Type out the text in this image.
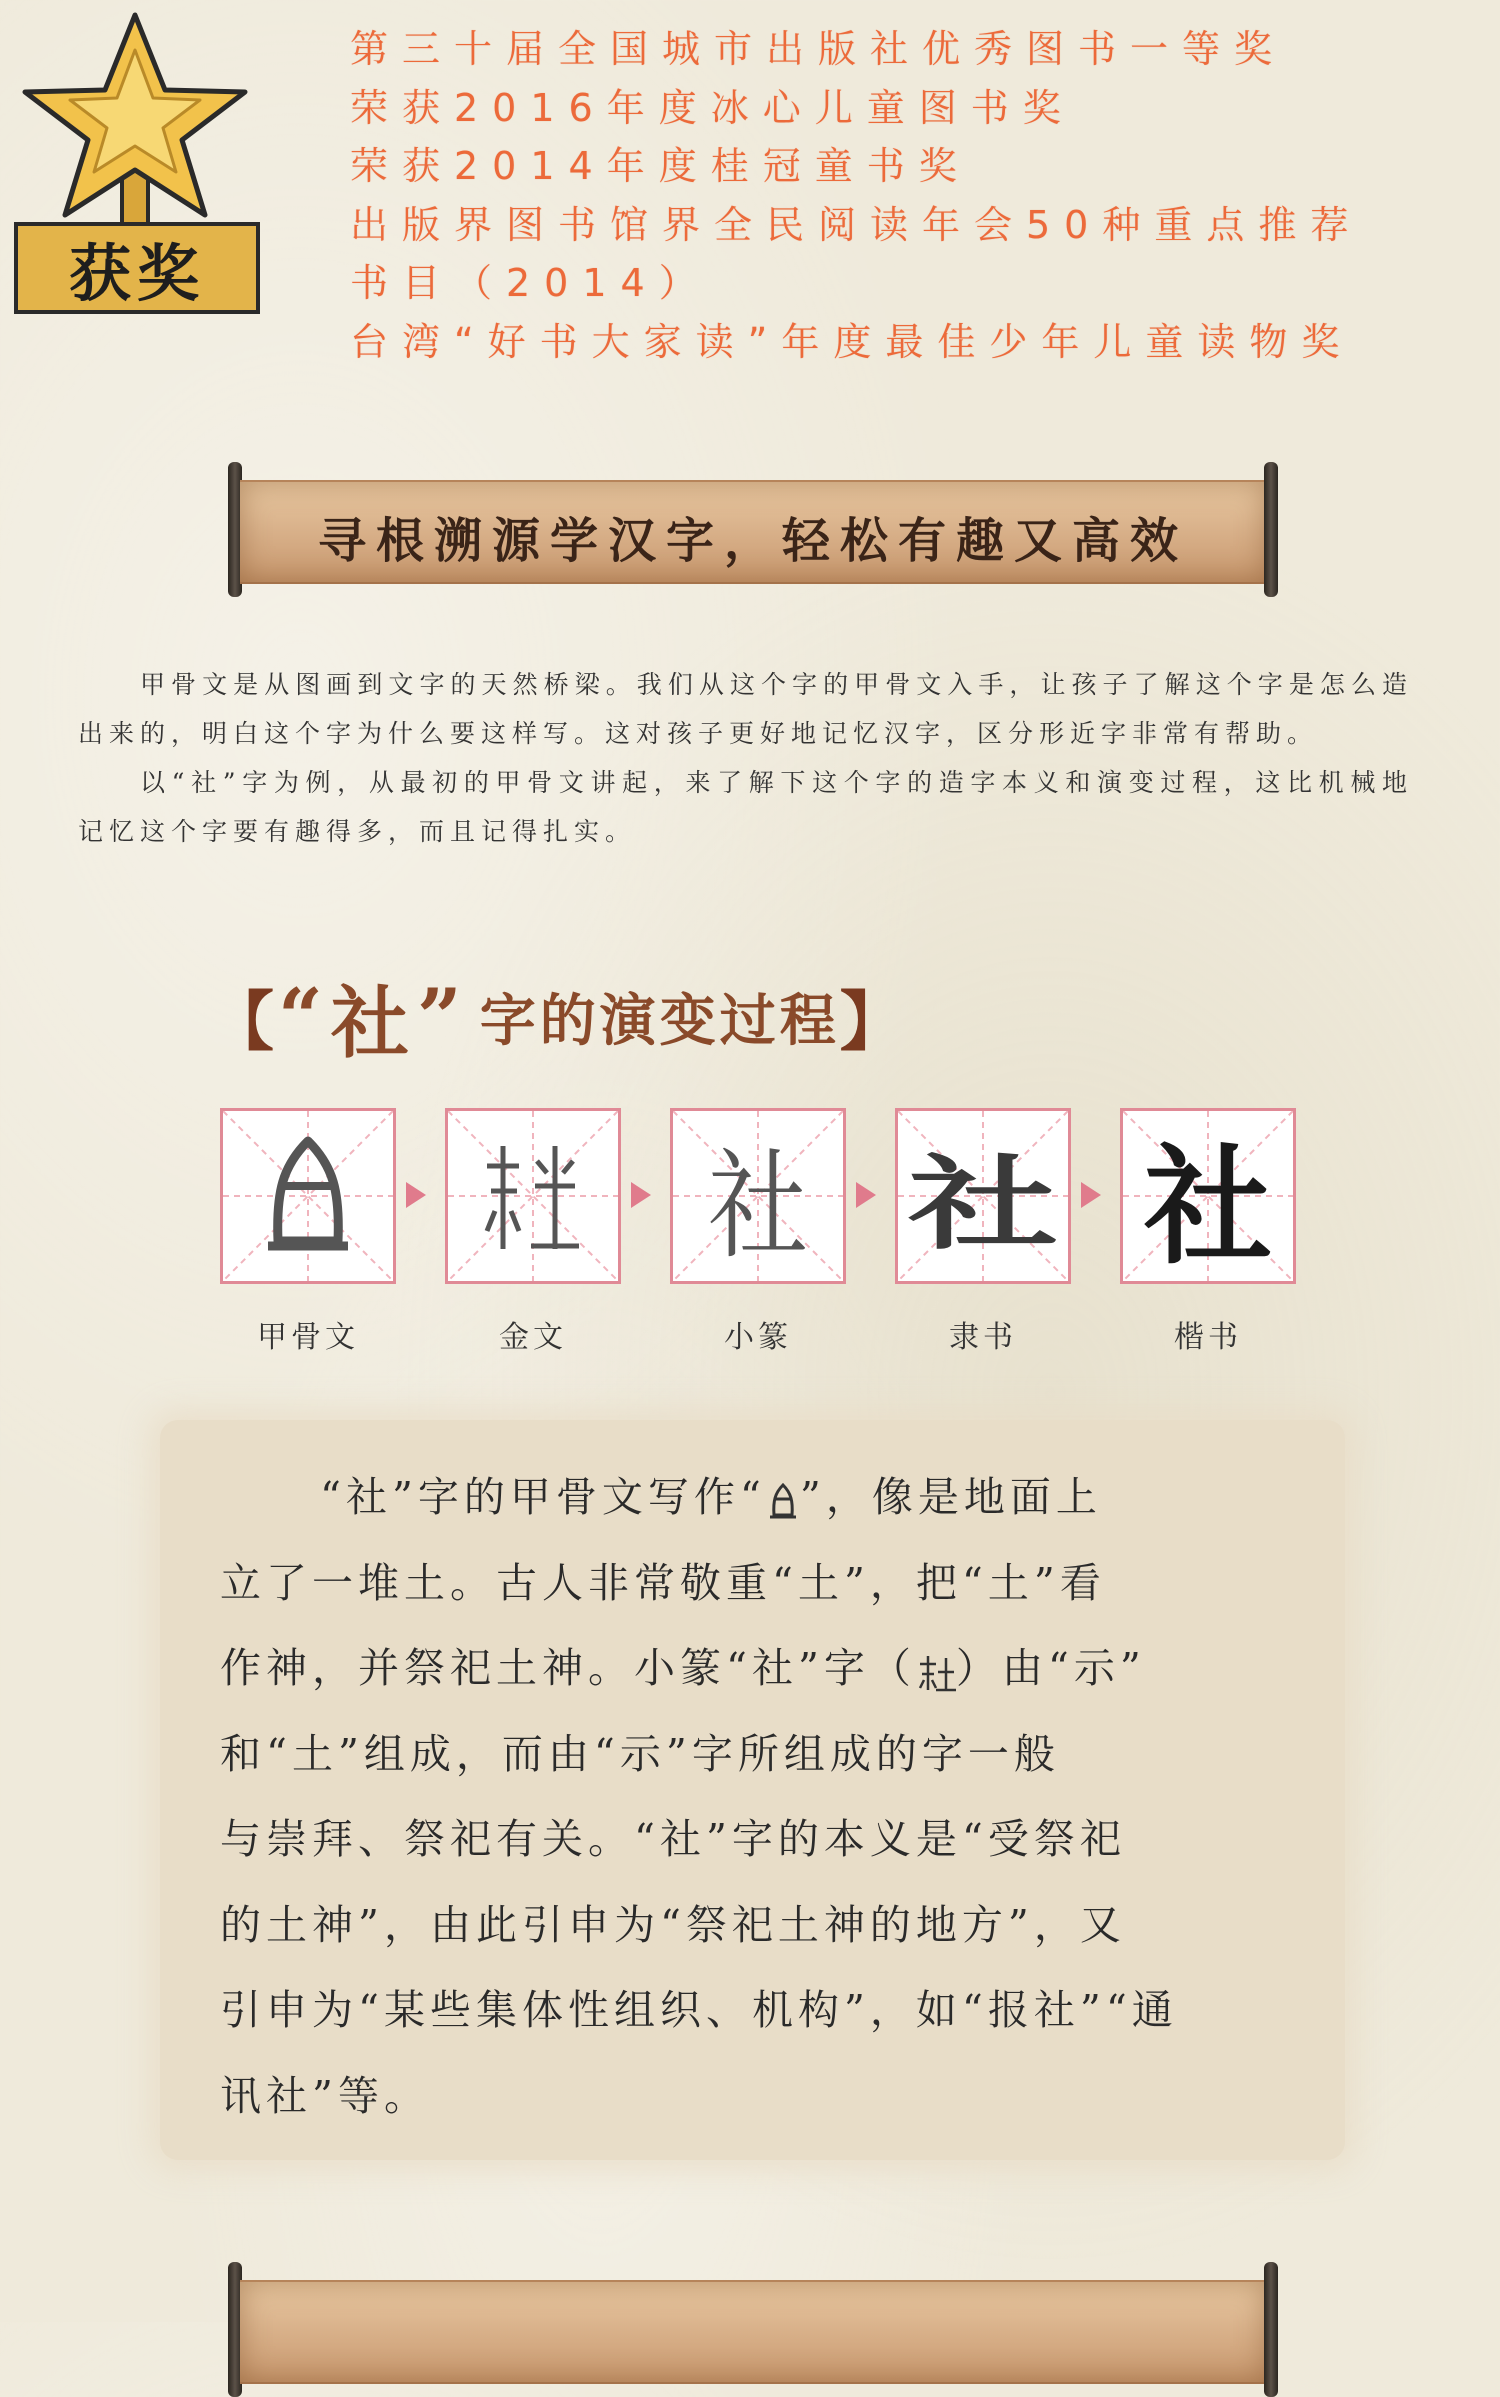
获奖
第三十届全国城市出版社优秀图书一等奖
荣获2016年度冰心儿童图书奖
荣获2014年度桂冠童书奖
出版界图书馆界全民阅读年会50种重点推荐
书目（2014）
台湾“好书大家读”年度最佳少年儿童读物奖
寻根溯源学汉字，轻松有趣又高效

甲骨文是从图画到文字的天然桥梁。我们从这个字的甲骨文入手，让孩子了解这个字是怎么造出来的，明白这个字为什么要这样写。这对孩子更好地记忆汉字，区分形近字非常有帮助。

以“社”字为例，从最初的甲骨文讲起，来了解下这个字的造字本义和演变过程，这比机械地记忆这个字要有趣得多，而且记得扎实。

【 “ 社 ” 字的演变过程 】
社 社 社
甲骨文	金文	小篆	隶书	楷书
“社”字的甲骨文写作“ ”，像是地面上
立了一堆土。古人非常敬重“土”，把“土”看
作神，并祭祀土神。小篆“社”字（ ）由“示”
和“土”组成，而由“示”字所组成的字一般
与崇拜、祭祀有关。“社”字的本义是“受祭祀
的土神”，由此引申为“祭祀土神的地方”，又
引申为“某些集体性组织、机构”，如“报社”“通
讯社”等。
